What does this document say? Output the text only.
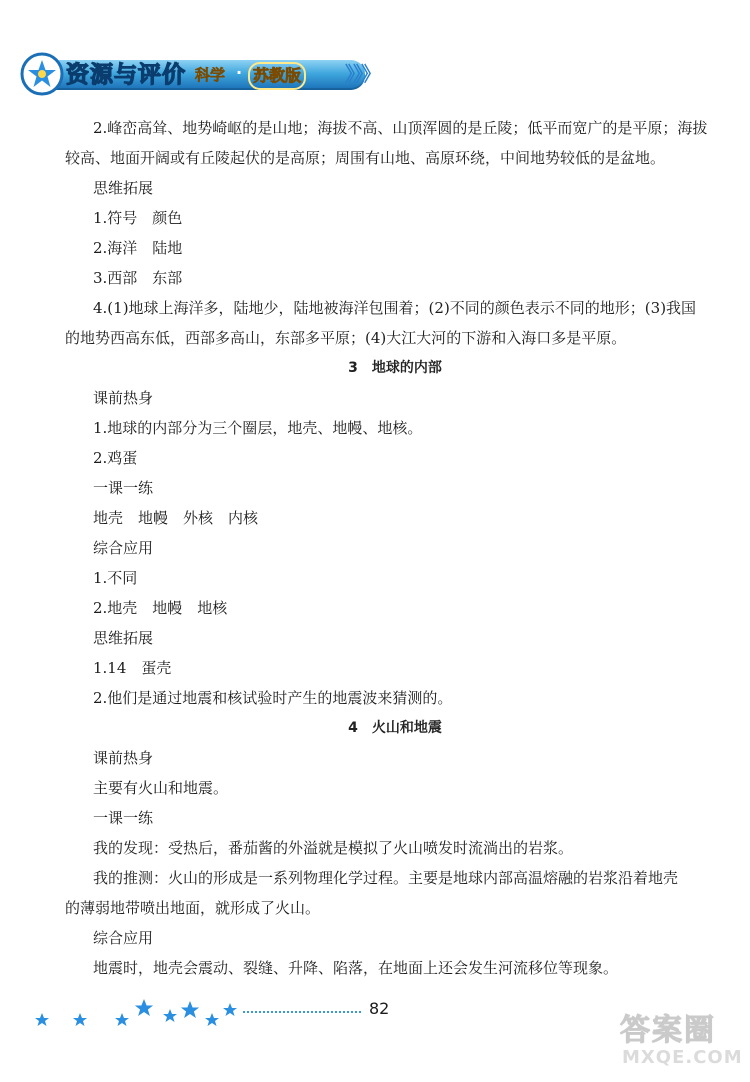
资源与评价 科学 · 苏教版 》》》

2.峰峦高耸、地势崎岖的是山地；海拔不高、山顶浑圆的是丘陵；低平而宽广的是平原；海拔

较高、地面开阔或有丘陵起伏的是高原；周围有山地、高原环绕，中间地势较低的是盆地。

思维拓展

1.符号　颜色

2.海洋　陆地

3.西部　东部

4.(1)地球上海洋多，陆地少，陆地被海洋包围着；(2)不同的颜色表示不同的地形；(3)我国

的地势西高东低，西部多高山，东部多平原；(4)大江大河的下游和入海口多是平原。

3　地球的内部

课前热身

1.地球的内部分为三个圈层，地壳、地幔、地核。

2.鸡蛋

一课一练

地壳　地幔　外核　内核

综合应用

1.不同

2.地壳　地幔　地核

思维拓展

1.14　蛋壳

2.他们是通过地震和核试验时产生的地震波来猜测的。

4　火山和地震

课前热身

主要有火山和地震。

一课一练

我的发现：受热后，番茄酱的外溢就是模拟了火山喷发时流淌出的岩浆。

我的推测：火山的形成是一系列物理化学过程。主要是地球内部高温熔融的岩浆沿着地壳

的薄弱地带喷出地面，就形成了火山。

综合应用

地震时，地壳会震动、裂缝、升降、陷落，在地面上还会发生河流移位等现象。

82
答案圈
MXQE.COM
